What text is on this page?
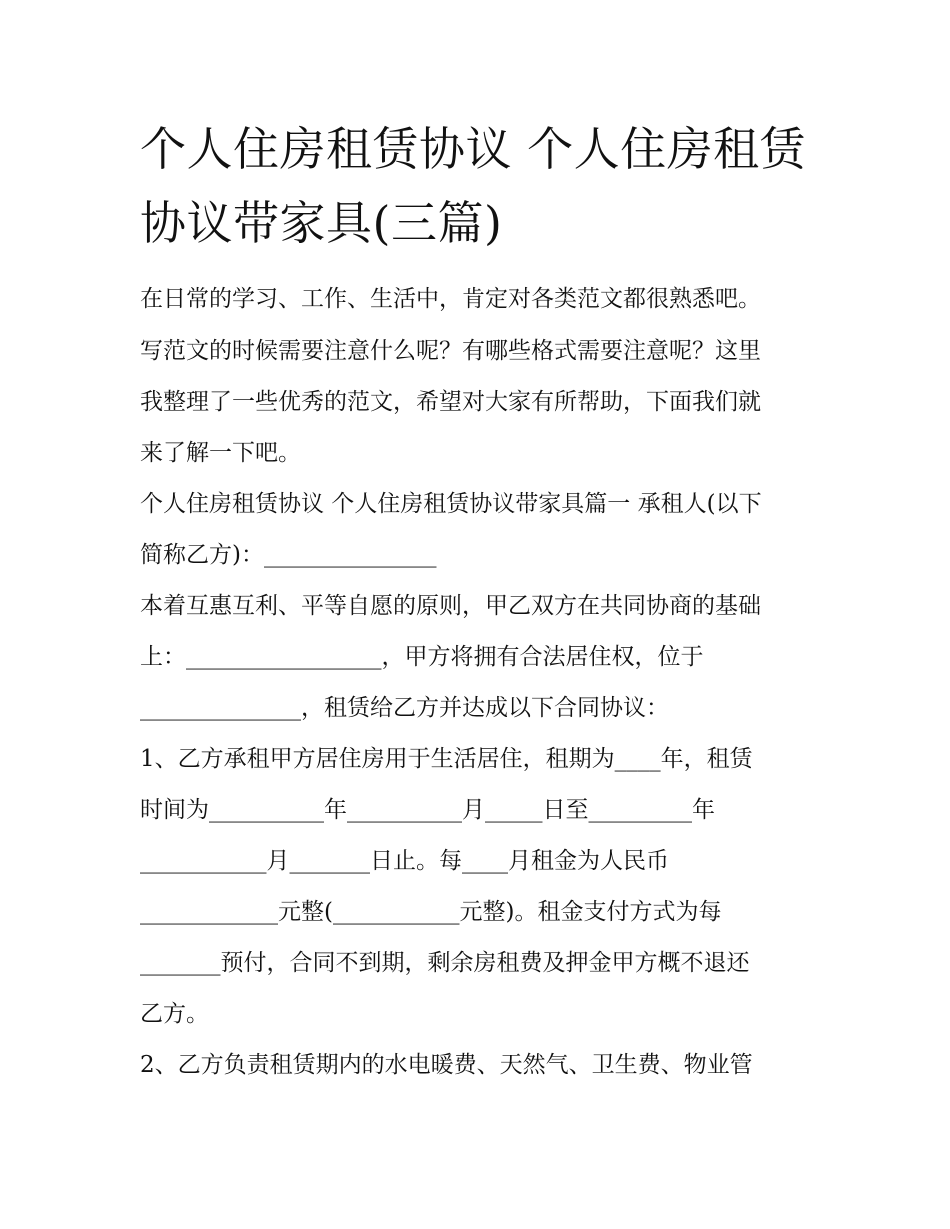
个人住房租赁协议 个人住房租赁协议带家具(三篇)

在日常的学习、工作、生活中，肯定对各类范文都很熟悉吧。

写范文的时候需要注意什么呢？有哪些格式需要注意呢？这里

我整理了一些优秀的范文，希望对大家有所帮助，下面我们就

来了解一下吧。

个人住房租赁协议 个人住房租赁协议带家具篇一 承租人(以下

简称乙方)：_______________

本着互惠互利、平等自愿的原则，甲乙双方在共同协商的基础

上：_________________，甲方将拥有合法居住权，位于

______________，租赁给乙方并达成以下合同协议：

1、乙方承租甲方居住房用于生活居住，租期为____年，租赁

时间为__________年__________月_____日至_________年

___________月_______日止。每____月租金为人民币

____________元整(___________元整)。租金支付方式为每

_______预付，合同不到期，剩余房租费及押金甲方概不退还

乙方。

2、乙方负责租赁期内的水电暖费、天然气、卫生费、物业管
